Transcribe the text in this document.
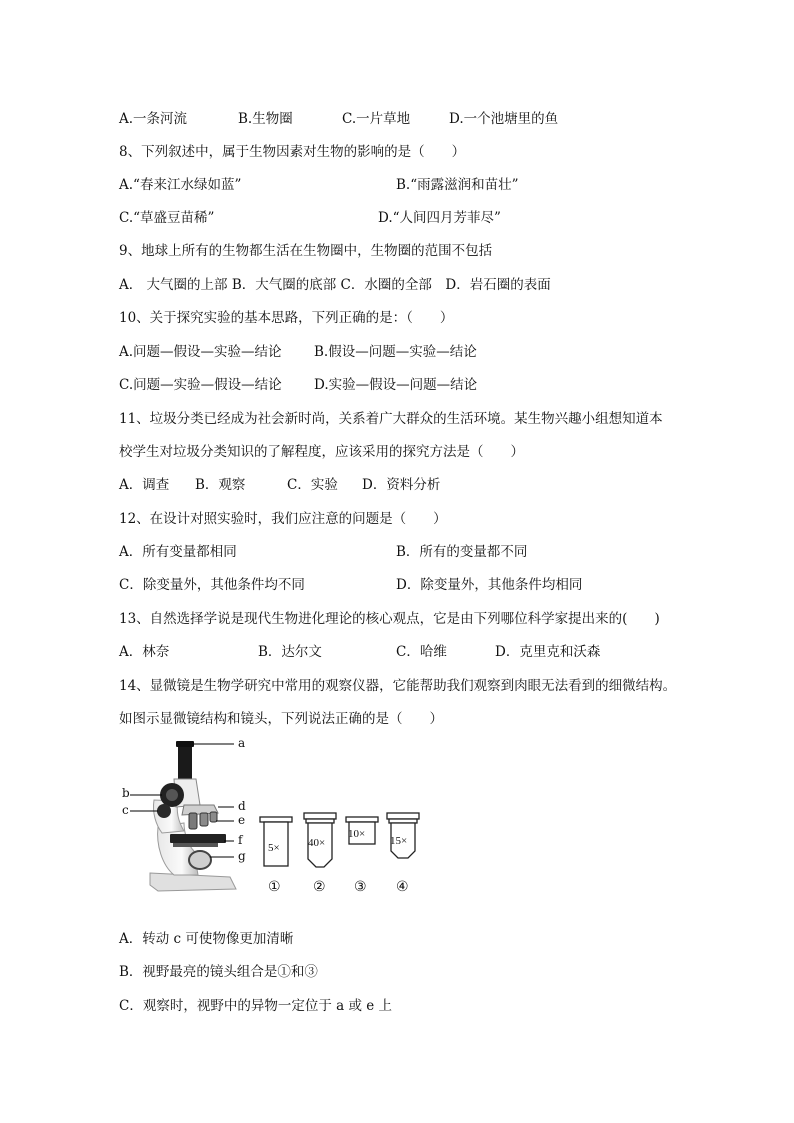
A.一条河流	B.生物圈	C.一片草地	D.一个池塘里的鱼
8、下列叙述中，属于生物因素对生物的影响的是（　　）
A.“春来江水绿如蓝”	B.“雨露滋润和苗壮”
C.“草盛豆苗稀”	D.“人间四月芳菲尽”
9、地球上所有的生物都生活在生物圈中，生物圈的范围不包括
A． 大气圈的上部 B．大气圈的底部 C．水圈的全部　D．岩石圈的表面
10、关于探究实验的基本思路，下列正确的是：（　　）
A.问题—假设—实验—结论 B.假设—问题—实验—结论
C.问题—实验—假设—结论 D.实验—假设—问题—结论
11、垃圾分类已经成为社会新时尚，关系着广大群众的生活环境。某生物兴趣小组想知道本
校学生对垃圾分类知识的了解程度，应该采用的探究方法是（　　）
A．调查 B．观察	C．实验 D．资料分析
12、在设计对照实验时，我们应注意的问题是（　　）
A．所有变量都相同	B．所有的变量都不同
C．除变量外，其他条件均不同	D．除变量外，其他条件均相同
13、自然选择学说是现代生物进化理论的核心观点，它是由下列哪位科学家提出来的(　　)
A．林奈	B．达尔文	C．哈维	D．克里克和沃森
14、显微镜是生物学研究中常用的观察仪器，它能帮助我们观察到肉眼无法看到的细微结构。
如图示显微镜结构和镜头，下列说法正确的是（　　）
a
b
c	d
e
f
g
5×	40×
10×
15×
① ② ③ ④
A．转动 c 可使物像更加清晰
B．视野最亮的镜头组合是①和③
C．观察时，视野中的异物一定位于 a 或 e 上
